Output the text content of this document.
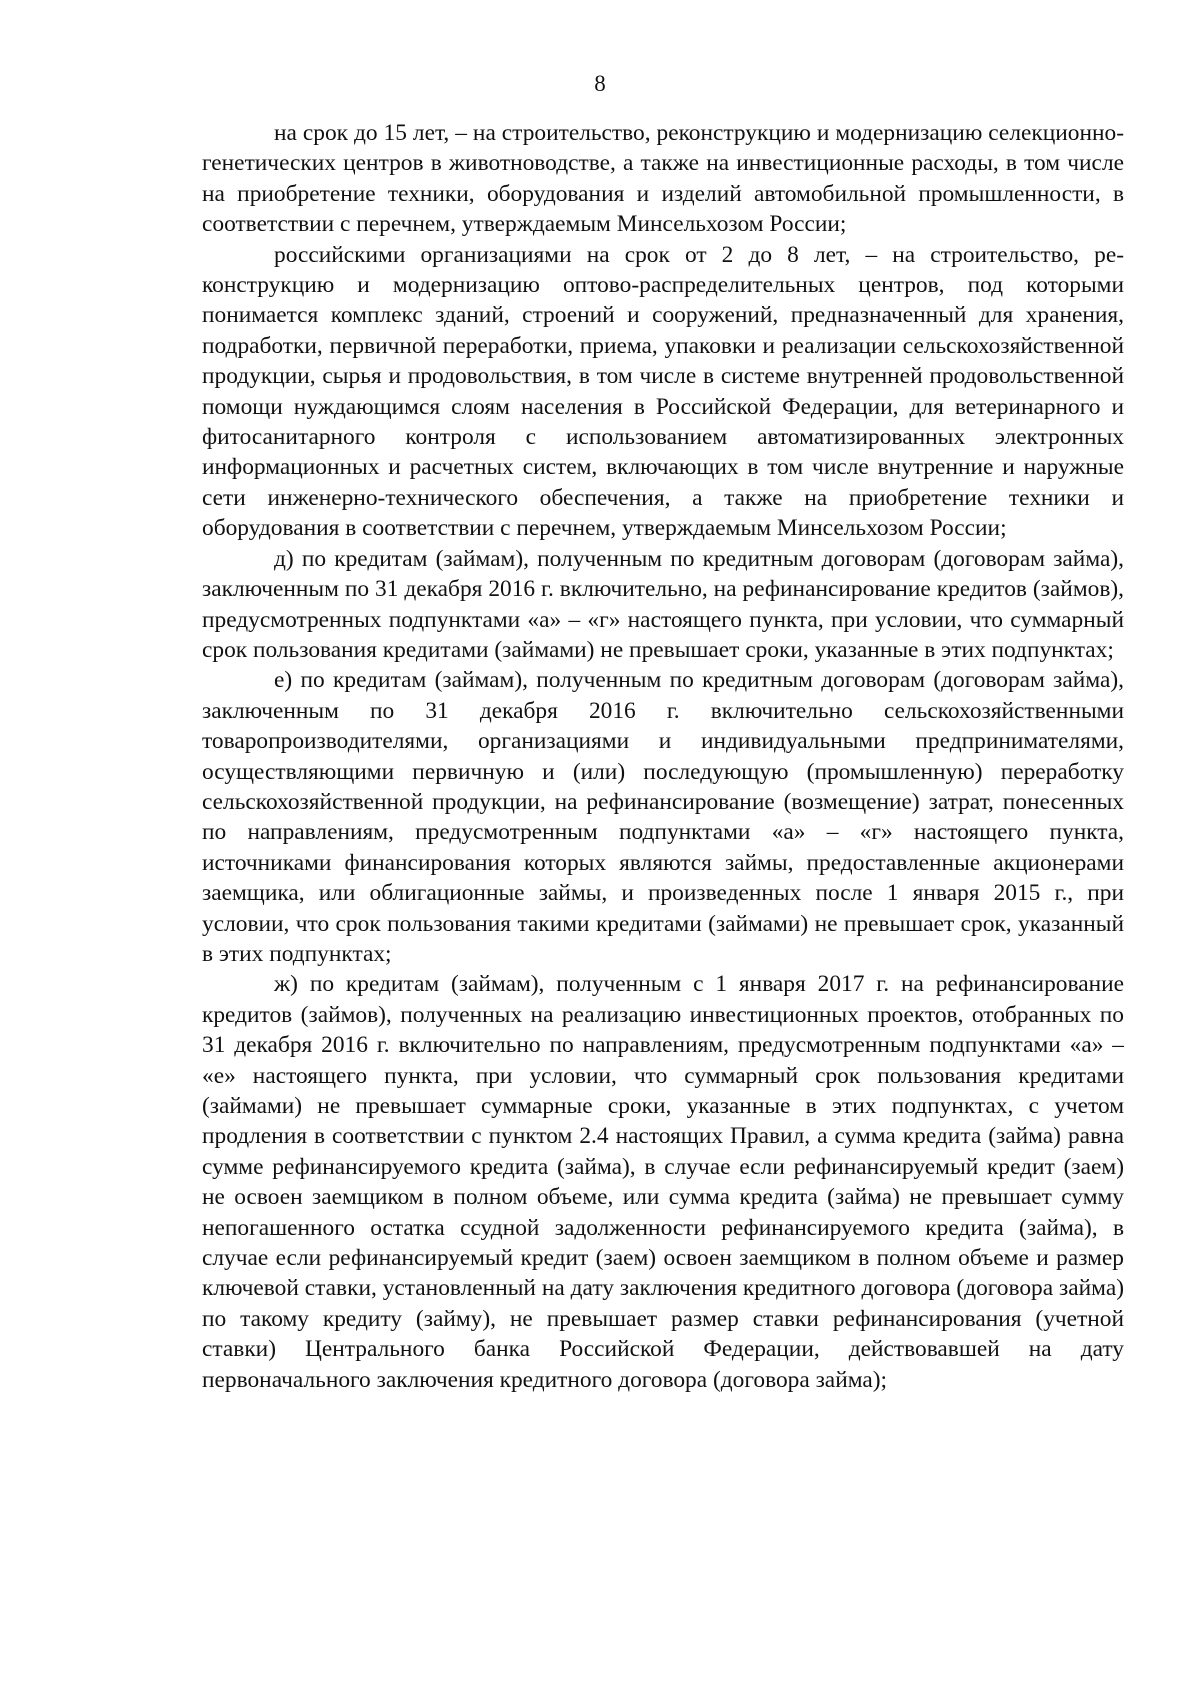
8

на срок до 15 лет, – на строительство, реконструкцию и модернизацию селекционно-генетических центров в животноводстве, а также на инвестиционные расходы, в том числе на приобретение техники, оборудования и изделий автомобильной промышленности, в соответствии с перечнем, утверждаемым Минсельхозом России;

российскими организациями на срок от 2 до 8 лет, – на строительство, реконструкцию и модернизацию оптово-распределительных центров, под которыми понимается комплекс зданий, строений и сооружений, предназначенный для хранения, подработки, первичной переработки, приема, упаковки и реализации сельскохозяйственной продукции, сырья и продовольствия, в том числе в системе внутренней продовольственной помощи нуждающимся слоям населения в Российской Федерации, для ветеринарного и фитосанитарного контроля с использованием автоматизированных электронных информационных и расчетных систем, включающих в том числе внутренние и наружные сети инженерно-технического обеспечения, а также на приобретение техники и оборудования в соответствии с перечнем, утверждаемым Минсельхозом России;

д) по кредитам (займам), полученным по кредитным договорам (договорам займа), заключенным по 31 декабря 2016 г. включительно, на рефинансирование кредитов (займов), предусмотренных подпунктами «а» – «г» настоящего пункта, при условии, что суммарный срок пользования кредитами (займами) не превышает сроки, указанные в этих подпунктах;

е) по кредитам (займам), полученным по кредитным договорам (договорам займа), заключенным по 31 декабря 2016 г. включительно сельскохозяйственными товаропроизводителями, организациями и индивидуальными предпринимателями, осуществляющими первичную и (или) последующую (промышленную) переработку сельскохозяйственной продукции, на рефинансирование (возмещение) затрат, понесенных по направлениям, предусмотренным подпунктами «а» – «г» настоящего пункта, источниками финансирования которых являются займы, предоставленные акционерами заемщика, или облигационные займы, и произведенных после 1 января 2015 г., при условии, что срок пользования такими кредитами (займами) не превышает срок, указанный в этих подпунктах;

ж) по кредитам (займам), полученным с 1 января 2017 г. на рефинансирование кредитов (займов), полученных на реализацию инвестиционных проектов, отобранных по 31 декабря 2016 г. включительно по направлениям, предусмотренным подпунктами «а» – «е» настоящего пункта, при условии, что суммарный срок пользования кредитами (займами) не превышает суммарные сроки, указанные в этих подпунктах, с учетом продления в соответствии с пунктом 2.4 настоящих Правил, а сумма кредита (займа) равна сумме рефинансируемого кредита (займа), в случае если рефинансируемый кредит (заем) не освоен заемщиком в полном объеме, или сумма кредита (займа) не превышает сумму непогашенного остатка ссудной задолженности рефинансируемого кредита (займа), в случае если рефинансируемый кредит (заем) освоен заемщиком в полном объеме и размер ключевой ставки, установленный на дату заключения кредитного договора (договора займа) по такому кредиту (займу), не превышает размер ставки рефинансирования (учетной ставки) Центрального банка Российской Федерации, действовавшей на дату первоначального заключения кредитного договора (договора займа);
